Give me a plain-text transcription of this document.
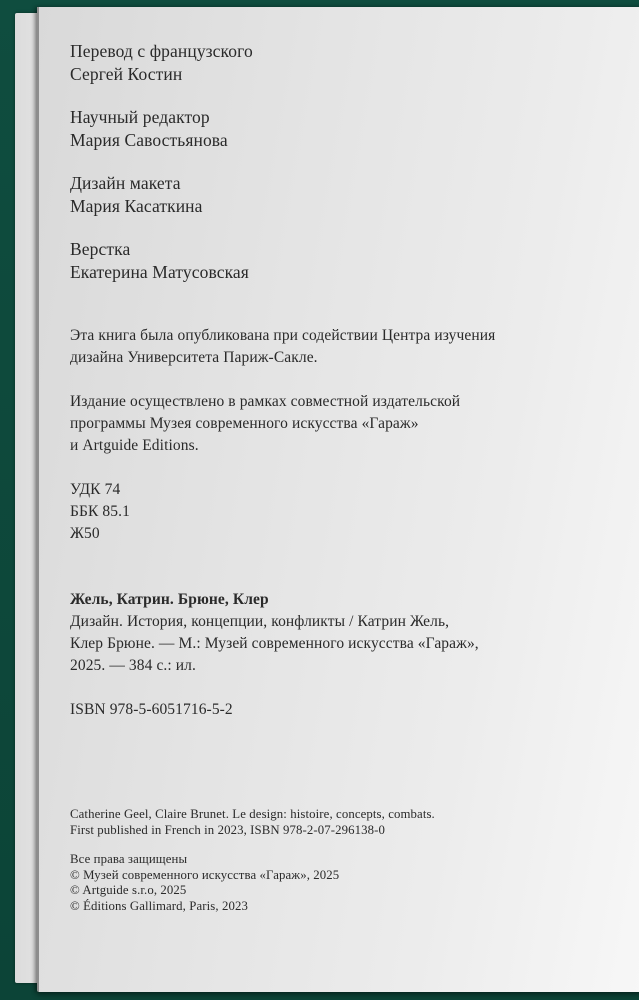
Перевод с французского
Сергей Костин
Научный редактор
Мария Савостьянова
Дизайн макета
Мария Касаткина
Верстка
Екатерина Матусовская
Эта книга была опубликована при содействии Центра изучения
дизайна Университета Париж-Сакле.
Издание осуществлено в рамках совместной издательской
программы Музея современного искусства «Гараж»
и Artguide Editions.
УДК 74
ББК 85.1
Ж50
Жель, Катрин. Брюне, Клер
Дизайн. История, концепции, конфликты / Катрин Жель,
Клер Брюне. — М.: Музей современного искусства «Гараж»,
2025. — 384 с.: ил.
ISBN 978-5-6051716-5-2
Catherine Geel, Claire Brunet. Le design: histoire, concepts, combats.
First published in French in 2023, ISBN 978-2-07-296138-0
Все права защищены
© Музей современного искусства «Гараж», 2025
© Artguide s.r.o, 2025
© Éditions Gallimard, Paris, 2023
